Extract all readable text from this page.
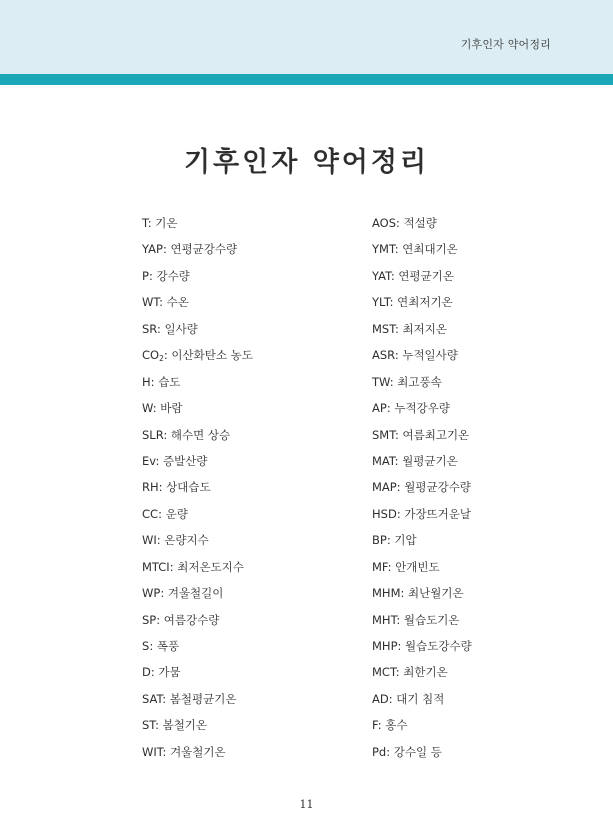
기후인자 약어정리
기후인자 약어정리
T: 기온
YAP: 연평균강수량
P: 강수량
WT: 수온
SR: 일사량
$CO_2$: 이산화탄소 농도
H: 습도
W: 바람
SLR: 해수면 상승
Ev: 증발산량
RH: 상대습도
CC: 운량
WI: 온량지수
MTCI: 최저온도지수
WP: 겨울철길이
SP: 여름강수량
S: 폭풍
D: 가뭄
SAT: 봄철평균기온
ST: 봄철기온
WIT: 겨울철기온
AOS: 적설량
YMT: 연최대기온
YAT: 연평균기온
YLT: 연최저기온
MST: 최저지온
ASR: 누적일사량
TW: 최고풍속
AP: 누적강우량
SMT: 여름최고기온
MAT: 월평균기온
MAP: 월평균강수량
HSD: 가장뜨거운날
BP: 기압
MF: 안개빈도
MHM: 최난월기온
MHT: 월습도기온
MHP: 월습도강수량
MCT: 최한기온
AD: 대기 침적
F: 홍수
Pd: 강수일 등
11
